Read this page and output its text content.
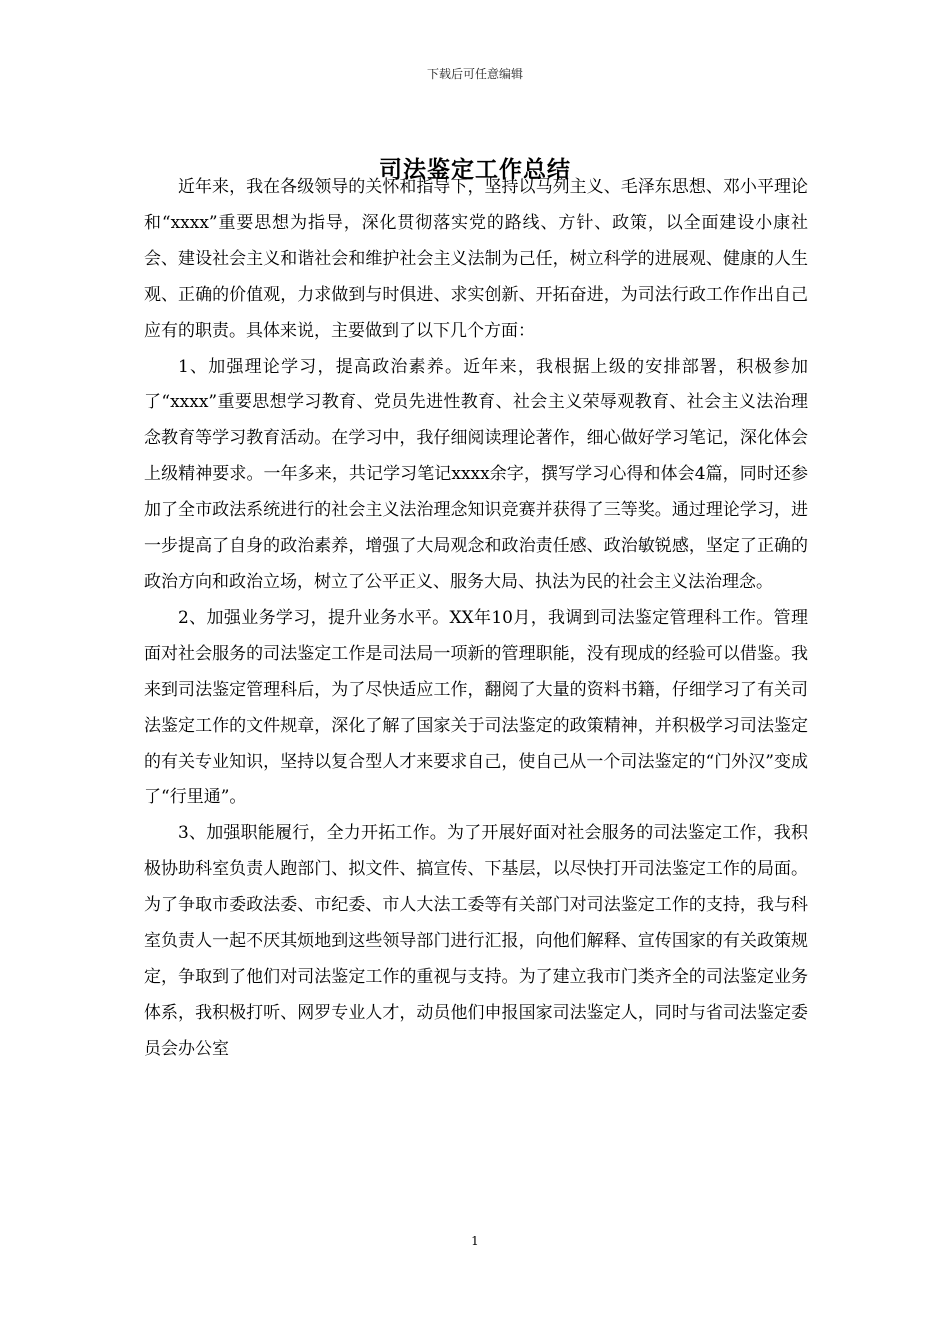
下载后可任意编辑
司法鉴定工作总结

近年来，我在各级领导的关怀和指导下，坚持以马列主义、毛泽东思想、邓小平理论和“xxxx”重要思想为指导，深化贯彻落实党的路线、方针、政策，以全面建设小康社会、建设社会主义和谐社会和维护社会主义法制为己任，树立科学的进展观、健康的人生观、正确的价值观，力求做到与时俱进、求实创新、开拓奋进，为司法行政工作作出自己应有的职责。具体来说，主要做到了以下几个方面：

1、加强理论学习，提高政治素养。近年来，我根据上级的安排部署，积极参加了“xxxx”重要思想学习教育、党员先进性教育、社会主义荣辱观教育、社会主义法治理念教育等学习教育活动。在学习中，我仔细阅读理论著作，细心做好学习笔记，深化体会上级精神要求。一年多来，共记学习笔记xxxx余字，撰写学习心得和体会4篇，同时还参加了全市政法系统进行的社会主义法治理念知识竞赛并获得了三等奖。通过理论学习，进一步提高了自身的政治素养，增强了大局观念和政治责任感、政治敏锐感，坚定了正确的政治方向和政治立场，树立了公平正义、服务大局、执法为民的社会主义法治理念。

2、加强业务学习，提升业务水平。XX年10月，我调到司法鉴定管理科工作。管理面对社会服务的司法鉴定工作是司法局一项新的管理职能，没有现成的经验可以借鉴。我来到司法鉴定管理科后，为了尽快适应工作，翻阅了大量的资料书籍，仔细学习了有关司法鉴定工作的文件规章，深化了解了国家关于司法鉴定的政策精神，并积极学习司法鉴定的有关专业知识，坚持以复合型人才来要求自己，使自己从一个司法鉴定的“门外汉”变成了“行里通”。

3、加强职能履行，全力开拓工作。为了开展好面对社会服务的司法鉴定工作，我积极协助科室负责人跑部门、拟文件、搞宣传、下基层，以尽快打开司法鉴定工作的局面。为了争取市委政法委、市纪委、市人大法工委等有关部门对司法鉴定工作的支持，我与科室负责人一起不厌其烦地到这些领导部门进行汇报，向他们解释、宣传国家的有关政策规定，争取到了他们对司法鉴定工作的重视与支持。为了建立我市门类齐全的司法鉴定业务体系，我积极打听、网罗专业人才，动员他们申报国家司法鉴定人，同时与省司法鉴定委员会办公室

1
